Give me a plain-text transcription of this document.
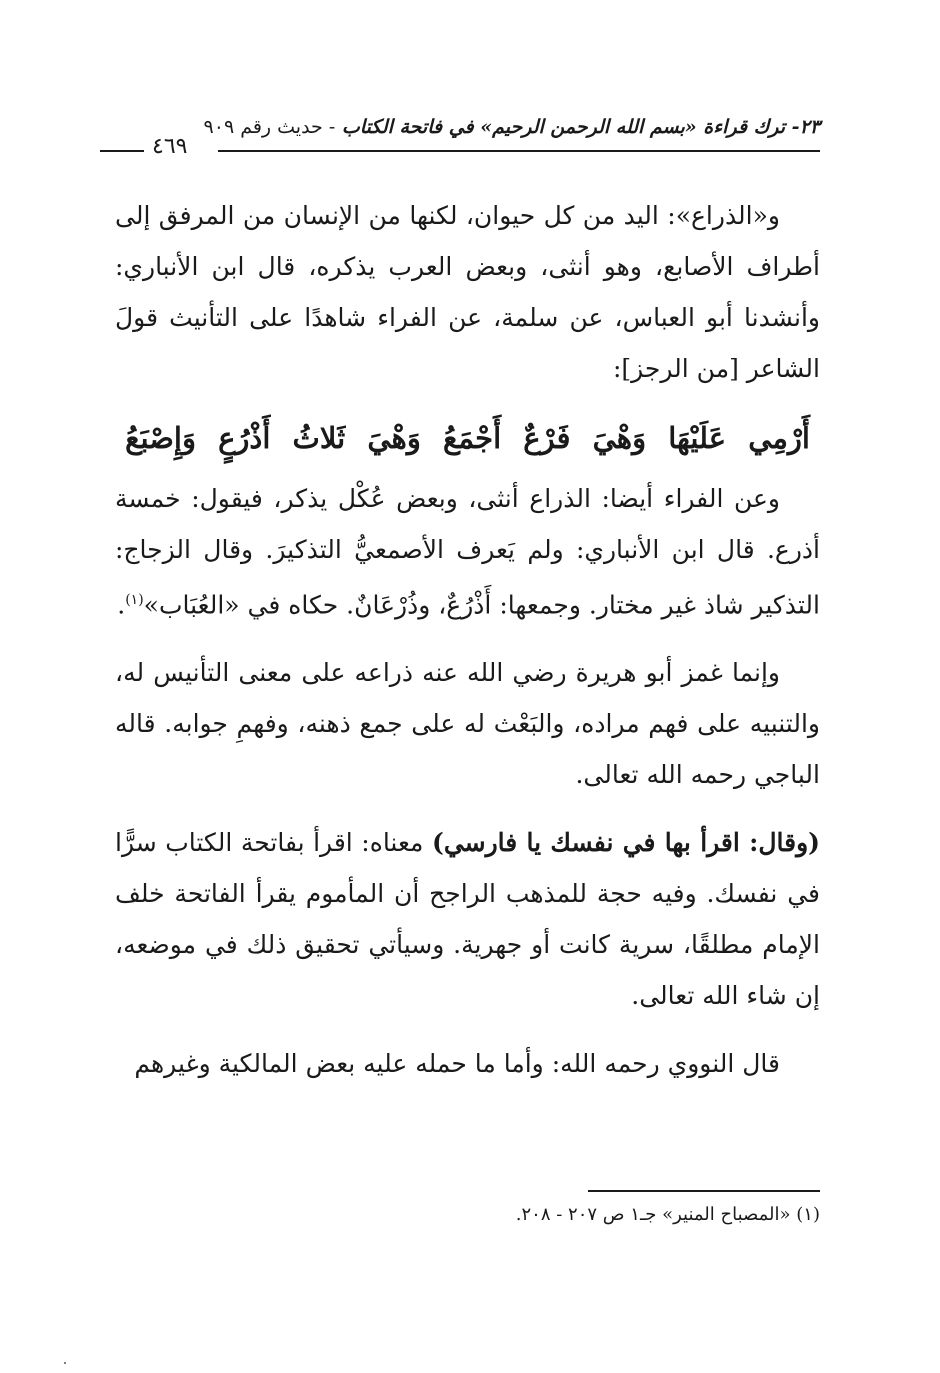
٢٣- ترك قراءة «بسم الله الرحمن الرحيم» في فاتحة الكتاب - حديث رقم ٩٠٩
٤٦٩

و«الذراع»: اليد من كل حيوان، لكنها من الإنسان من المرفق إلى أطراف الأصابع، وهو أنثى، وبعض العرب يذكره، قال ابن الأنباري: وأنشدنا أبو العباس، عن سلمة، عن الفراء شاهدًا على التأنيث قولَ الشاعر [من الرجز]:

أَرْمِي
عَلَيْهَا
وَهْيَ
فَرْعٌ
أَجْمَعُ
وَهْيَ
ثَلاثُ
أَذْرُعٍ
وَإِصْبَعُ

وعن الفراء أيضا: الذراع أنثى، وبعض عُكْل يذكر، فيقول: خمسة أذرع. قال ابن الأنباري: ولم يَعرف الأصمعيُّ التذكيرَ. وقال الزجاج: التذكير شاذ غير مختار. وجمعها: أَذْرُعٌ، وذُرْعَانٌ. حكاه في «العُبَاب»$^{(١)}$.

وإنما غمز أبو هريرة رضي الله عنه ذراعه على معنى التأنيس له، والتنبيه على فهم مراده، والبَعْث له على جمع ذهنه، وفهمِ جوابه. قاله الباجي رحمه الله تعالى.

(وقال: اقرأ بها في نفسك يا فارسي) معناه: اقرأ بفاتحة الكتاب سرًّا في نفسك. وفيه حجة للمذهب الراجح أن المأموم يقرأ الفاتحة خلف الإمام مطلقًا، سرية كانت أو جهرية. وسيأتي تحقيق ذلك في موضعه، إن شاء الله تعالى.

قال النووي رحمه الله: وأما ما حمله عليه بعض المالكية وغيرهم

(١) «المصباح المنير» جـ١ ص ٢٠٧ - ٢٠٨.
